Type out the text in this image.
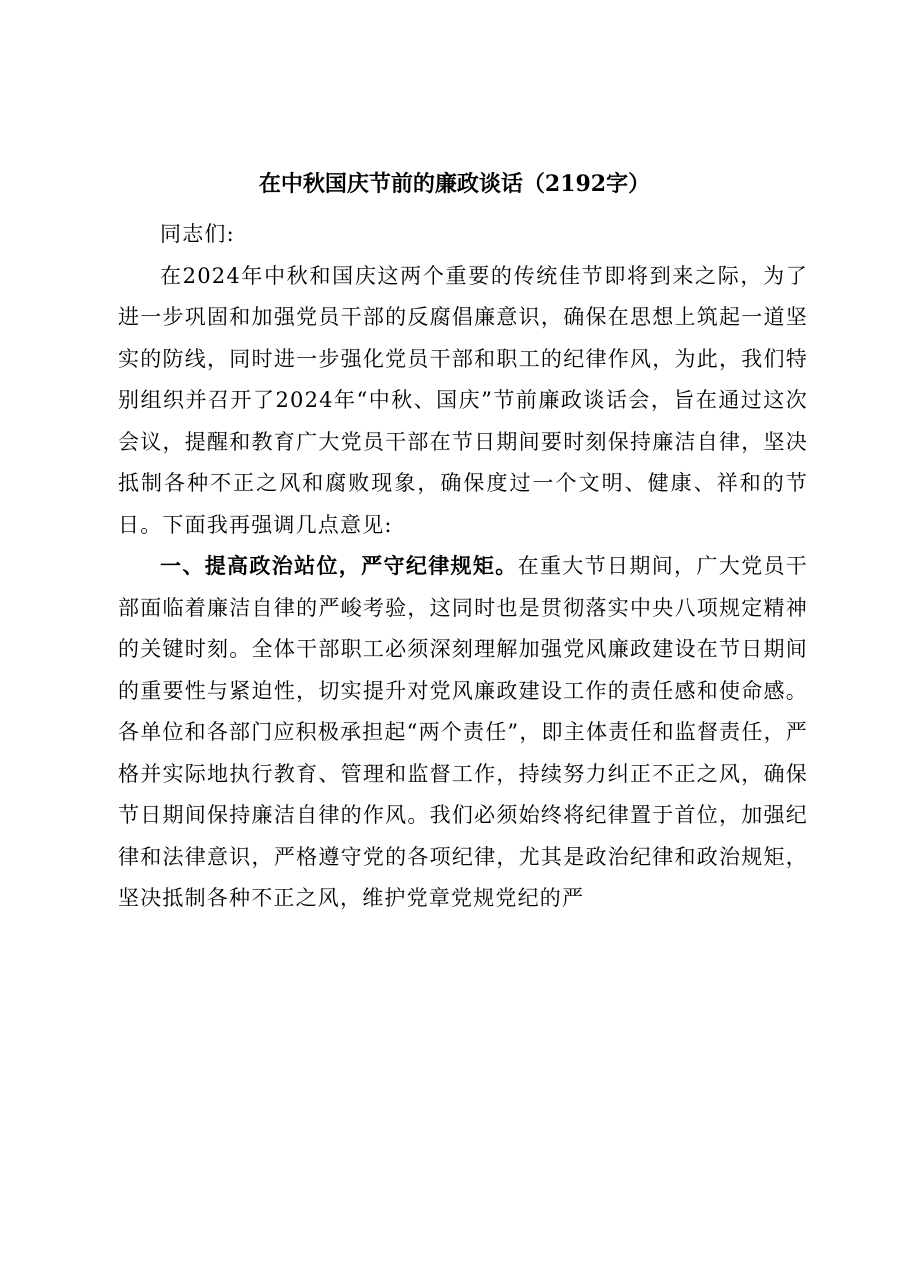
在中秋国庆节前的廉政谈话（2192字）

同志们:

在2024年中秋和国庆这两个重要的传统佳节即将到来之际，为了进一步巩固和加强党员干部的反腐倡廉意识，确保在思想上筑起一道坚实的防线，同时进一步强化党员干部和职工的纪律作风，为此，我们特别组织并召开了2024年“中秋、国庆”节前廉政谈话会，旨在通过这次会议，提醒和教育广大党员干部在节日期间要时刻保持廉洁自律，坚决抵制各种不正之风和腐败现象，确保度过一个文明、健康、祥和的节日。下面我再强调几点意见:

一、提高政治站位，严守纪律规矩。在重大节日期间，广大党员干部面临着廉洁自律的严峻考验，这同时也是贯彻落实中央八项规定精神的关键时刻。全体干部职工必须深刻理解加强党风廉政建设在节日期间的重要性与紧迫性，切实提升对党风廉政建设工作的责任感和使命感。各单位和各部门应积极承担起“两个责任”，即主体责任和监督责任，严格并实际地执行教育、管理和监督工作，持续努力纠正不正之风，确保节日期间保持廉洁自律的作风。我们必须始终将纪律置于首位，加强纪律和法律意识，严格遵守党的各项纪律，尤其是政治纪律和政治规矩，坚决抵制各种不正之风，维护党章党规党纪的严
